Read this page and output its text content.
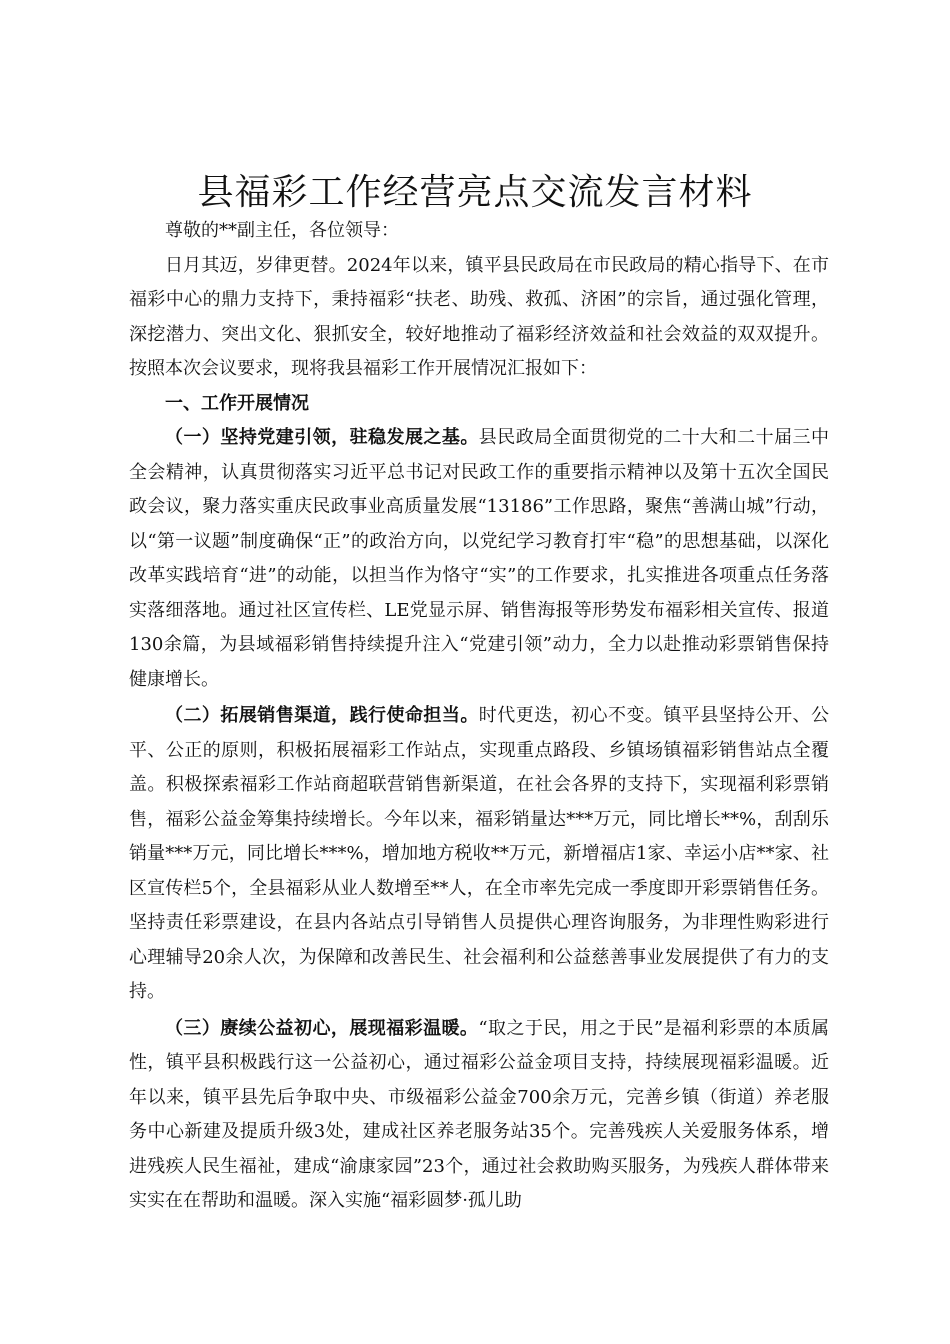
县福彩工作经营亮点交流发言材料

尊敬的**副主任，各位领导：

日月其迈，岁律更替。2024年以来，镇平县民政局在市民政局的精心指导下、在市福彩中心的鼎力支持下，秉持福彩“扶老、助残、救孤、济困”的宗旨，通过强化管理，深挖潜力、突出文化、狠抓安全，较好地推动了福彩经济效益和社会效益的双双提升。按照本次会议要求，现将我县福彩工作开展情况汇报如下：

一、工作开展情况

（一）坚持党建引领，驻稳发展之基。县民政局全面贯彻党的二十大和二十届三中全会精神，认真贯彻落实习近平总书记对民政工作的重要指示精神以及第十五次全国民政会议，聚力落实重庆民政事业高质量发展“13186”工作思路，聚焦“善满山城”行动，以“第一议题”制度确保“正”的政治方向，以党纪学习教育打牢“稳”的思想基础，以深化改革实践培育“进”的动能，以担当作为恪守“实”的工作要求，扎实推进各项重点任务落实落细落地。通过社区宣传栏、LE党显示屏、销售海报等形势发布福彩相关宣传、报道130余篇，为县域福彩销售持续提升注入“党建引领”动力，全力以赴推动彩票销售保持健康增长。

（二）拓展销售渠道，践行使命担当。时代更迭，初心不变。镇平县坚持公开、公平、公正的原则，积极拓展福彩工作站点，实现重点路段、乡镇场镇福彩销售站点全覆盖。积极探索福彩工作站商超联营销售新渠道，在社会各界的支持下，实现福利彩票销售，福彩公益金筹集持续增长。今年以来，福彩销量达***万元，同比增长**%，刮刮乐销量***万元，同比增长***%，增加地方税收**万元，新增福店1家、幸运小店**家、社区宣传栏5个，全县福彩从业人数增至**人，在全市率先完成一季度即开彩票销售任务。坚持责任彩票建设，在县内各站点引导销售人员提供心理咨询服务，为非理性购彩进行心理辅导20余人次，为保障和改善民生、社会福利和公益慈善事业发展提供了有力的支持。

（三）赓续公益初心，展现福彩温暖。“取之于民，用之于民”是福利彩票的本质属性，镇平县积极践行这一公益初心，通过福彩公益金项目支持，持续展现福彩温暖。近年以来，镇平县先后争取中央、市级福彩公益金700余万元，完善乡镇（街道）养老服务中心新建及提质升级3处，建成社区养老服务站35个。完善残疾人关爱服务体系，增进残疾人民生福祉，建成“渝康家园”23个，通过社会救助购买服务，为残疾人群体带来实实在在帮助和温暖。深入实施“福彩圆梦·孤儿助
